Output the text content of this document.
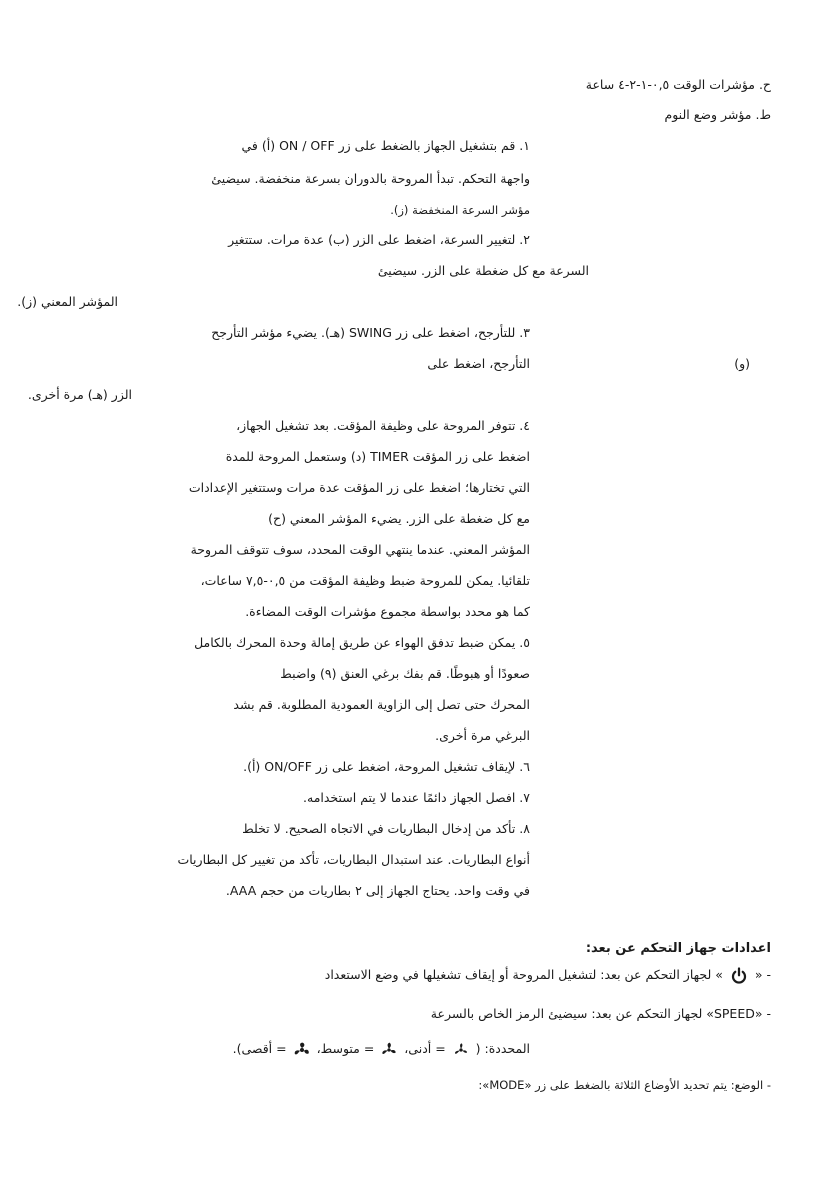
ح. مؤشرات الوقت ٠,٥-١-٢-٤ ساعة
ط. مؤشر وضع النوم
١. قم بتشغيل الجهاز بالضغط على زر ON / OFF (أ) في
واجهة التحكم. تبدأ المروحة بالدوران بسرعة منخفضة. سيضيئ
مؤشر السرعة المنخفضة (ز).
٢. لتغيير السرعة، اضغط على الزر (ب) عدة مرات. ستتغير
السرعة مع كل ضغطة على الزر. سيضيئ
المؤشر المعني (ز).
٣. للتأرجح، اضغط على زر SWING (هـ). يضيء مؤشر التأرجح
(و)
التأرجح، اضغط على
الزر (هـ) مرة أخرى.
٤. تتوفر المروحة على وظيفة المؤقت. بعد تشغيل الجهاز،
اضغط على زر المؤقت TIMER (د) وستعمل المروحة للمدة
التي تختارها؛ اضغط على زر المؤقت عدة مرات وستتغير الإعدادات
مع كل ضغطة على الزر. يضيء المؤشر المعني (ح)
المؤشر المعني. عندما ينتهي الوقت المحدد، سوف تتوقف المروحة
تلقائيا. يمكن للمروحة ضبط وظيفة المؤقت من ٠,٥-٧,٥ ساعات،
كما هو محدد بواسطة مجموع مؤشرات الوقت المضاءة.
٥. يمكن ضبط تدفق الهواء عن طريق إمالة وحدة المحرك بالكامل
صعودًا أو هبوطًا. قم بفك برغي العنق (٩) واضبط
المحرك حتى تصل إلى الزاوية العمودية المطلوبة. قم بشد
البرغي مرة أخرى.
٦. لإيقاف تشغيل المروحة، اضغط على زر ON/OFF (أ).
٧. افصل الجهاز دائمًا عندما لا يتم استخدامه.
٨. تأكد من إدخال البطاريات في الاتجاه الصحيح. لا تخلط
أنواع البطاريات. عند استبدال البطاريات، تأكد من تغيير كل البطاريات
في وقت واحد. يحتاج الجهاز إلى ٢ بطاريات من حجم AAA.
اعدادات جهاز التحكم عن بعد:
- «
» لجهاز التحكم عن بعد: لتشغيل المروحة أو إيقاف تشغيلها في وضع الاستعداد
- «SPEED» لجهاز التحكم عن بعد: سيضيئ الرمز الخاص بالسرعة
المحددة: (
= أدنى،
= متوسط،
= أقصى).
- الوضع: يتم تحديد الأوضاع الثلاثة بالضغط على زر «MODE»:
